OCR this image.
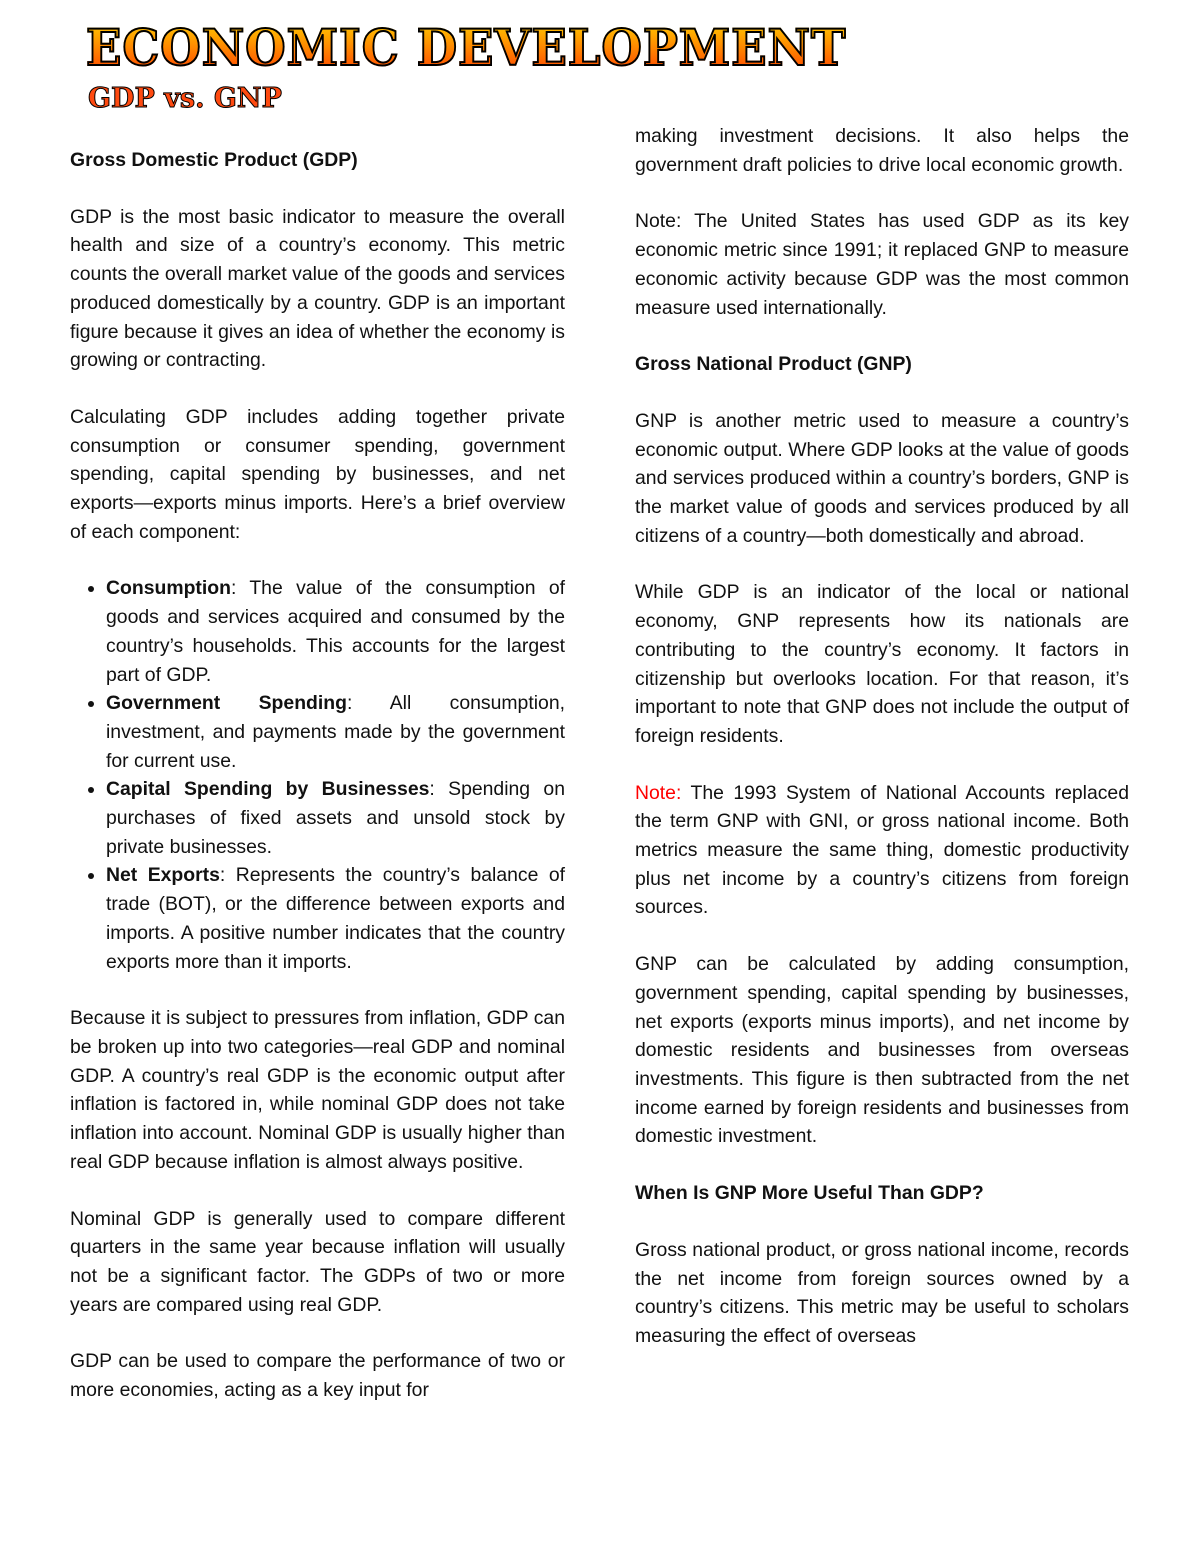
ECONOMIC DEVELOPMENT
GDP vs. GNP
Gross Domestic Product (GDP)

GDP is the most basic indicator to measure the overall health and size of a country’s economy. This metric counts the overall market value of the goods and services produced domestically by a country. GDP is an important figure because it gives an idea of whether the economy is growing or contracting.

Calculating GDP includes adding together private consumption or consumer spending, government spending, capital spending by businesses, and net exports—exports minus imports. Here’s a brief overview of each component:

• Consumption: The value of the consumption of goods and services acquired and consumed by the country’s households. This accounts for the largest part of GDP.
• Government Spending: All consumption, investment, and payments made by the government for current use.
• Capital Spending by Businesses: Spending on purchases of fixed assets and unsold stock by private businesses.
• Net Exports: Represents the country’s balance of trade (BOT), or the difference between exports and imports. A positive number indicates that the country exports more than it imports.

Because it is subject to pressures from inflation, GDP can be broken up into two categories—real GDP and nominal GDP. A country’s real GDP is the economic output after inflation is factored in, while nominal GDP does not take inflation into account. Nominal GDP is usually higher than real GDP because inflation is almost always positive.

Nominal GDP is generally used to compare different quarters in the same year because inflation will usually not be a significant factor. The GDPs of two or more years are compared using real GDP.

GDP can be used to compare the performance of two or more economies, acting as a key input for

making investment decisions. It also helps the government draft policies to drive local economic growth.

Note: The United States has used GDP as its key economic metric since 1991; it replaced GNP to measure economic activity because GDP was the most common measure used internationally.

Gross National Product (GNP)

GNP is another metric used to measure a country’s economic output. Where GDP looks at the value of goods and services produced within a country’s borders, GNP is the market value of goods and services produced by all citizens of a country—both domestically and abroad.

While GDP is an indicator of the local or national economy, GNP represents how its nationals are contributing to the country’s economy. It factors in citizenship but overlooks location. For that reason, it’s important to note that GNP does not include the output of foreign residents.

Note: The 1993 System of National Accounts replaced the term GNP with GNI, or gross national income. Both metrics measure the same thing, domestic productivity plus net income by a country’s citizens from foreign sources.

GNP can be calculated by adding consumption, government spending, capital spending by businesses, net exports (exports minus imports), and net income by domestic residents and businesses from overseas investments. This figure is then subtracted from the net income earned by foreign residents and businesses from domestic investment.

When Is GNP More Useful Than GDP?

Gross national product, or gross national income, records the net income from foreign sources owned by a country’s citizens. This metric may be useful to scholars measuring the effect of overseas
